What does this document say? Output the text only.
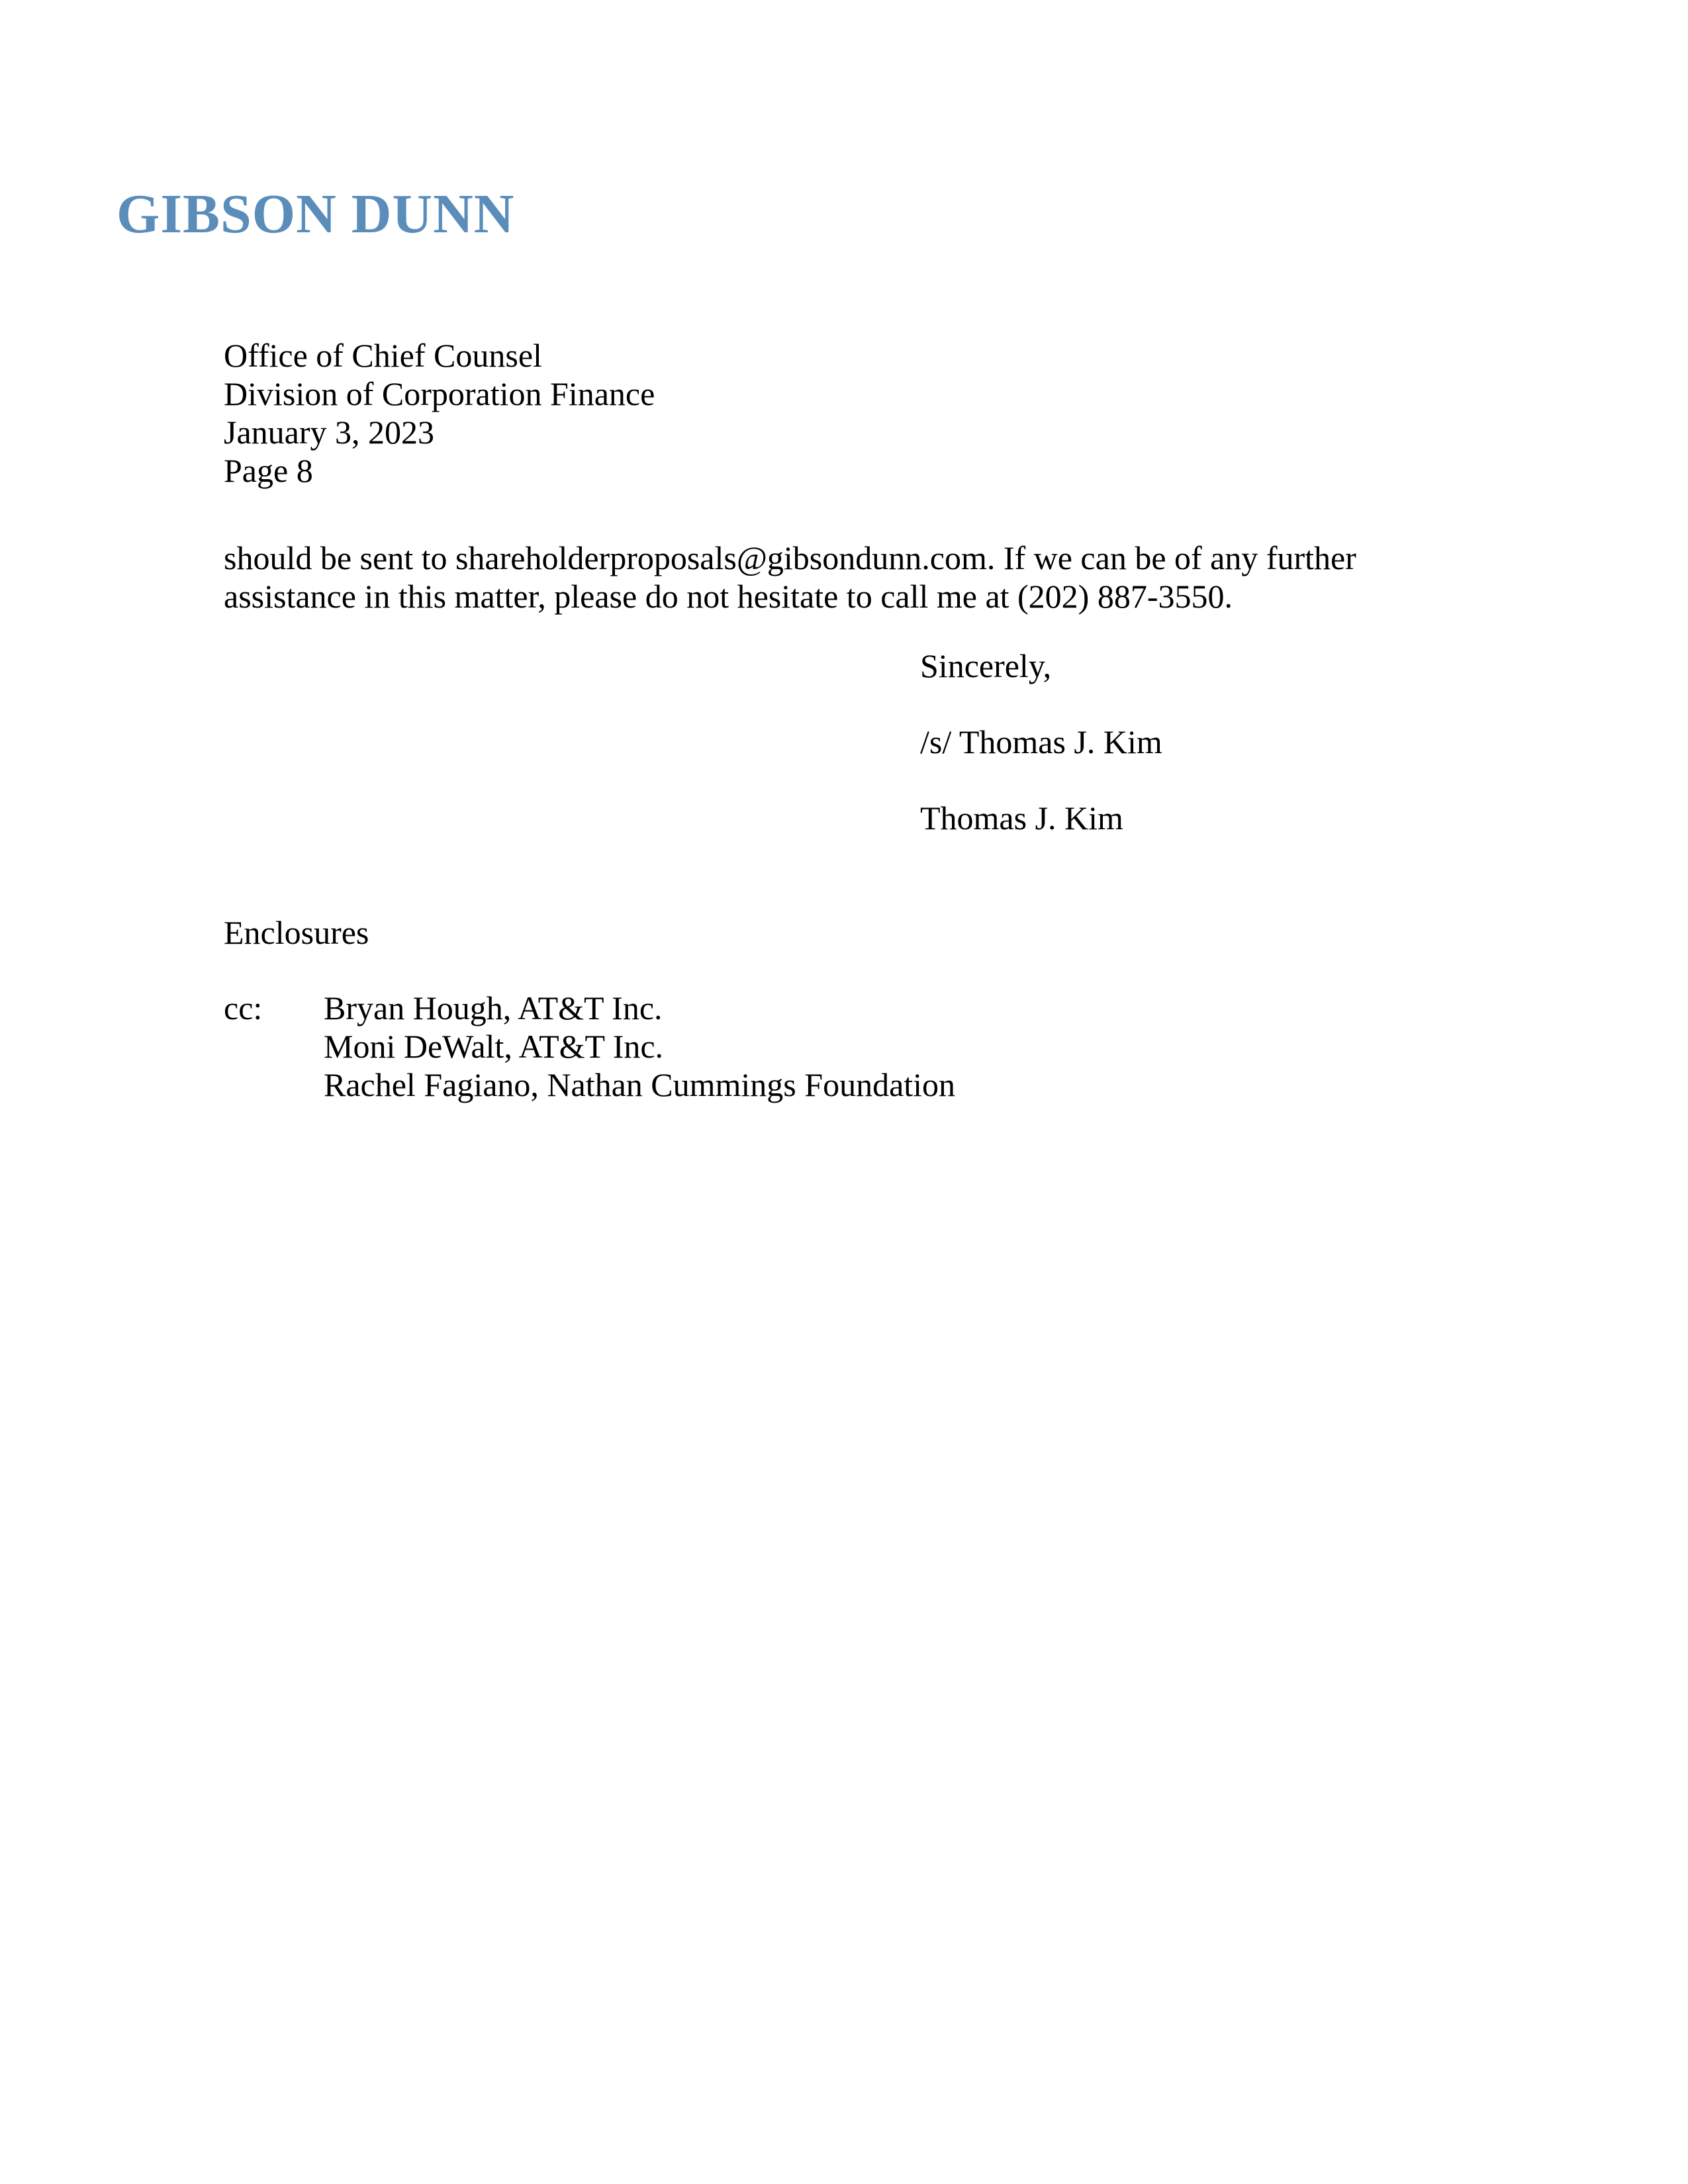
GIBSON DUNN
Office of Chief Counsel
Division of Corporation Finance
January 3, 2023
Page 8
should be sent to shareholderproposals@gibsondunn.com. If we can be of any further
assistance in this matter, please do not hesitate to call me at (202) 887-3550.
Sincerely,
/s/ Thomas J. Kim
Thomas J. Kim
Enclosures
cc: Bryan Hough, AT&T Inc.
Moni DeWalt, AT&T Inc.
Rachel Fagiano, Nathan Cummings Foundation
